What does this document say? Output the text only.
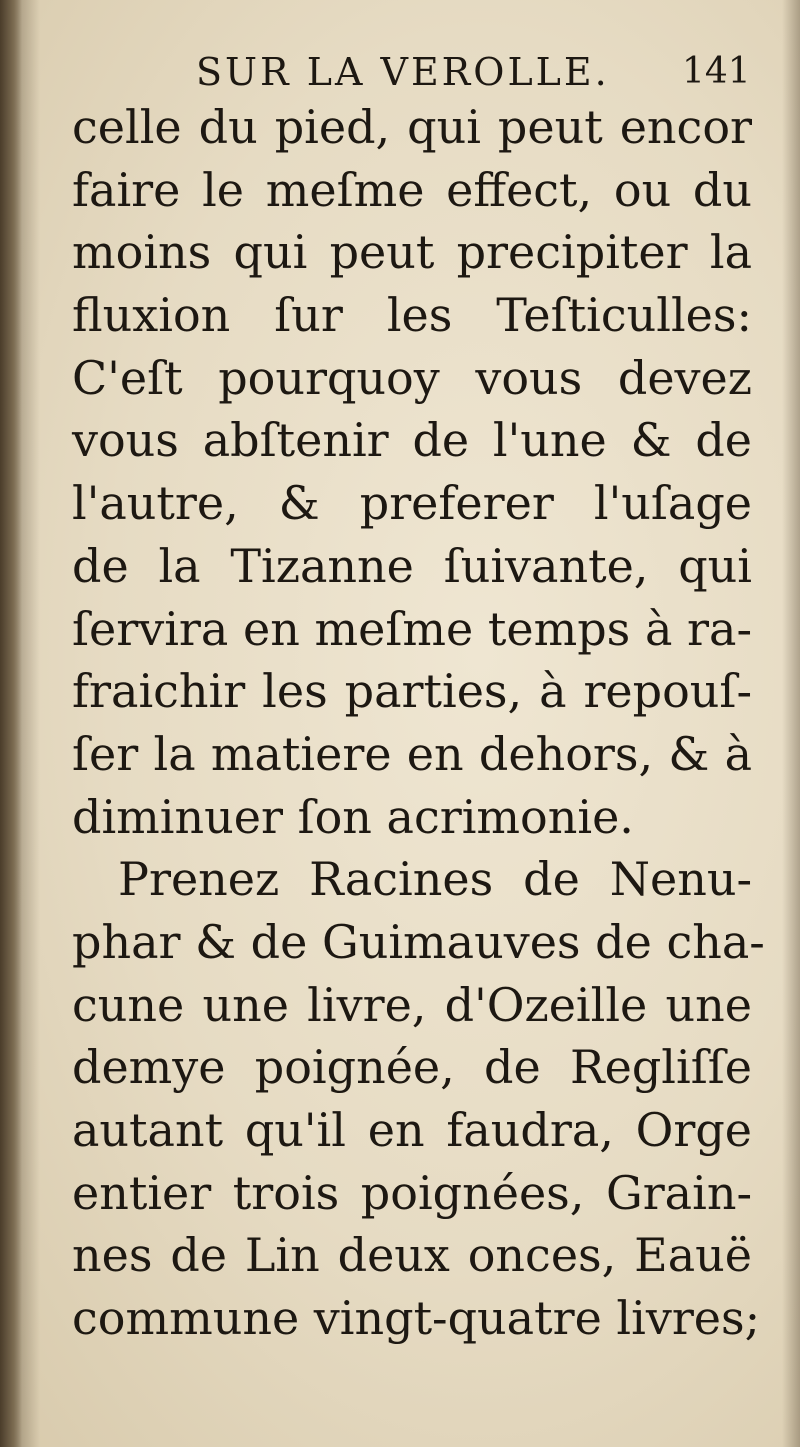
SUR LA VEROLLE. 141
celle du pied, qui peut encor
faire le meſme effect, ou du
moins qui peut precipiter la
fluxion ſur les Teſticulles:
C'eſt pourquoy vous devez
vous abſtenir de l'une & de
l'autre, & preferer l'uſage
de la Tizanne ſuivante, qui
ſervira en meſme temps à ra-
fraichir les parties, à repouſ-
ſer la matiere en dehors, & à
diminuer ſon acrimonie.
Prenez Racines de Nenu-
phar & de Guimauves de cha-
cune une livre, d'Ozeille une
demye poignée, de Regliſſe
autant qu'il en faudra, Orge
entier trois poignées, Grain-
nes de Lin deux onces, Eauë
commune vingt-quatre livres;
